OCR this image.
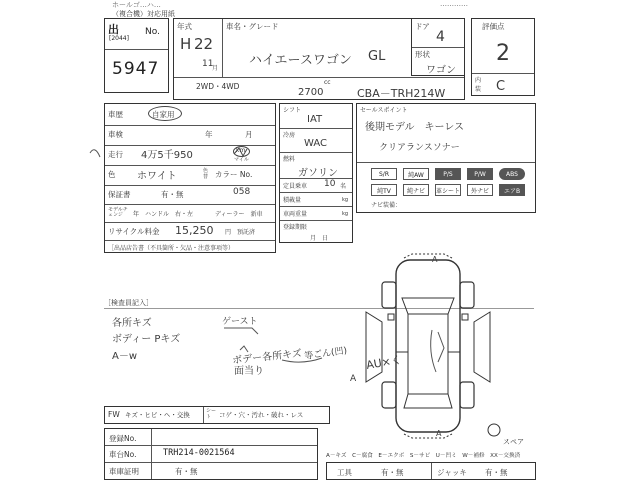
ホールゴ…ハ…	…………
（複合機）対応用紙
出
[2044]
No.
5947
年式
H 22
11
月
車名・グレード
ハイエースワゴン GL
2WD・4WD
2700
cc
CBA－TRH214W
ドア
4
形状
ワゴン
評価点
2
内装 C
車歴	自家用
車検	年	月
走行 4万5千950	km
マイル
色 ホワイト	色替 カラー No.
保証書	有・無	058
モデルチェンジ	年　ハンドル　右・左	ディーラー　新車
リサイクル料金 15,250 円　預託済
［出品店告書（不具箇所・欠品・注意事項等）
シフト
IAT
冷房
WAC
燃料
ガソリン
定員乗車 10 名
積載量	kg
車両重量	kg
登録期限
月　日
セールスポイント
後期モデル　キーレス
クリアランスソナー
S/R	純AW	P/S	P/W	ABS
純TV	純ナビ	革シート	外ナビ	エアB
ナビ装備：
［検査員記入］
各所キズ
ボディー Pキズ
A－w	ボデー各所キズ
面当り
等ごん(凹)
ゲースト
AU×く
A
A
A
スペア
FW キズ・ヒビ・ヘ・交換	シート	コゲ・穴・汚れ・破れ・レス
登録No.
車台No.	TRH214-0021564
車庫証明	有・無
A－キズ　C－腐食　E－エクボ　S－サビ　U－凹ミ　W－補修　XX－交換済
工具	有・無	ジャッキ 有・無
